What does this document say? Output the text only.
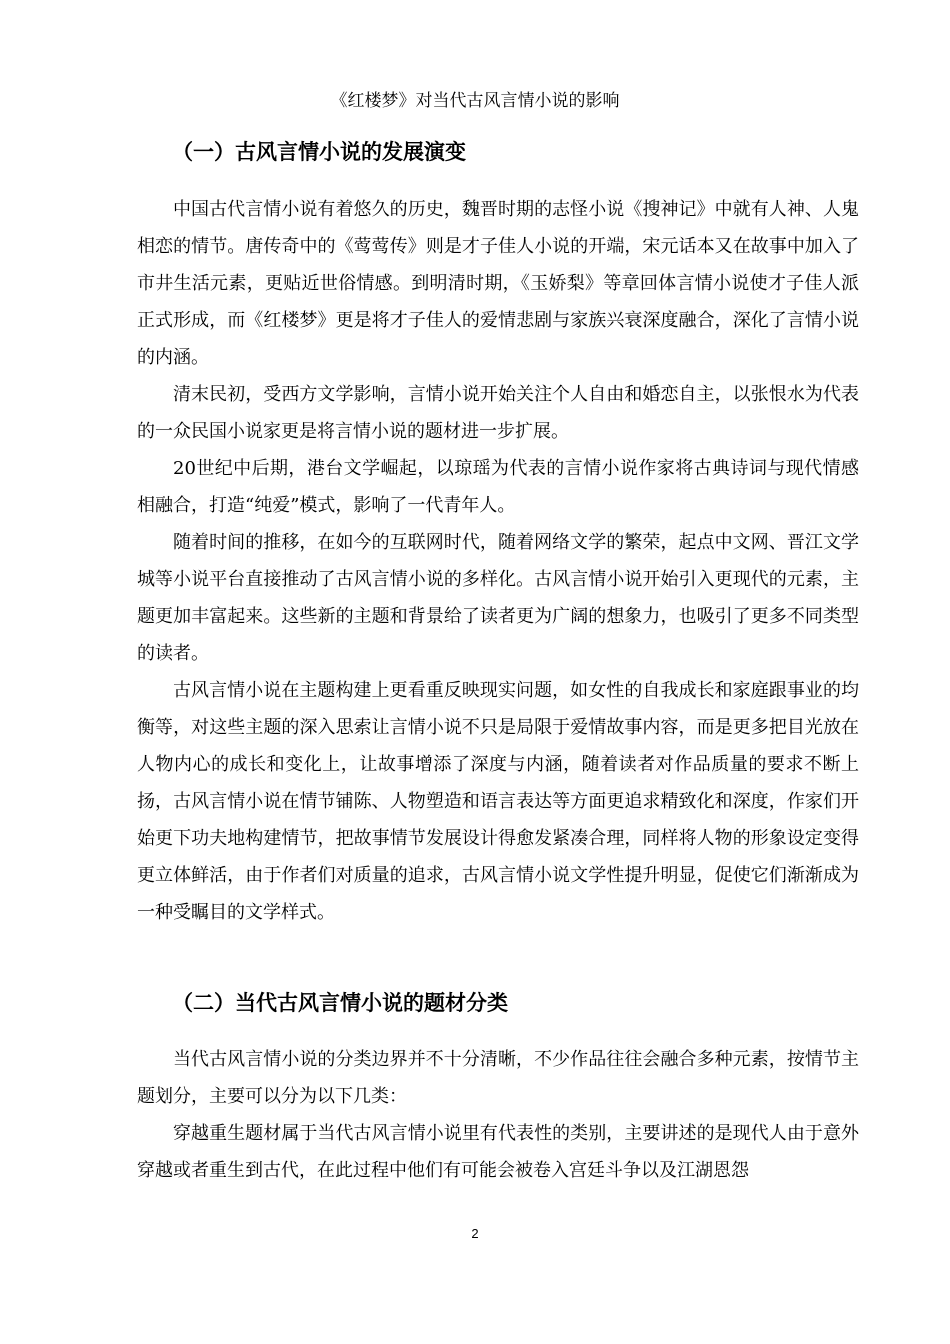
《红楼梦》对当代古风言情小说的影响
（一）古风言情小说的发展演变

中国古代言情小说有着悠久的历史，魏晋时期的志怪小说《搜神记》中就有人神、人鬼相恋的情节。唐传奇中的《莺莺传》则是才子佳人小说的开端，宋元话本又在故事中加入了市井生活元素，更贴近世俗情感。到明清时期，《玉娇梨》等章回体言情小说使才子佳人派正式形成，而《红楼梦》更是将才子佳人的爱情悲剧与家族兴衰深度融合，深化了言情小说的内涵。

清末民初，受西方文学影响，言情小说开始关注个人自由和婚恋自主，以张恨水为代表的一众民国小说家更是将言情小说的题材进一步扩展。

20世纪中后期，港台文学崛起，以琼瑶为代表的言情小说作家将古典诗词与现代情感相融合，打造“纯爱”模式，影响了一代青年人。

随着时间的推移，在如今的互联网时代，随着网络文学的繁荣，起点中文网、晋江文学城等小说平台直接推动了古风言情小说的多样化。古风言情小说开始引入更现代的元素，主题更加丰富起来。这些新的主题和背景给了读者更为广阔的想象力，也吸引了更多不同类型的读者。

古风言情小说在主题构建上更看重反映现实问题，如女性的自我成长和家庭跟事业的均衡等，对这些主题的深入思索让言情小说不只是局限于爱情故事内容，而是更多把目光放在人物内心的成长和变化上，让故事增添了深度与内涵，随着读者对作品质量的要求不断上扬，古风言情小说在情节铺陈、人物塑造和语言表达等方面更追求精致化和深度，作家们开始更下功夫地构建情节，把故事情节发展设计得愈发紧凑合理，同样将人物的形象设定变得更立体鲜活，由于作者们对质量的追求，古风言情小说文学性提升明显，促使它们渐渐成为一种受瞩目的文学样式。

（二）当代古风言情小说的题材分类

当代古风言情小说的分类边界并不十分清晰，不少作品往往会融合多种元素，按情节主题划分，主要可以分为以下几类：

穿越重生题材属于当代古风言情小说里有代表性的类别，主要讲述的是现代人由于意外穿越或者重生到古代，在此过程中他们有可能会被卷入宫廷斗争以及江湖恩怨

2
